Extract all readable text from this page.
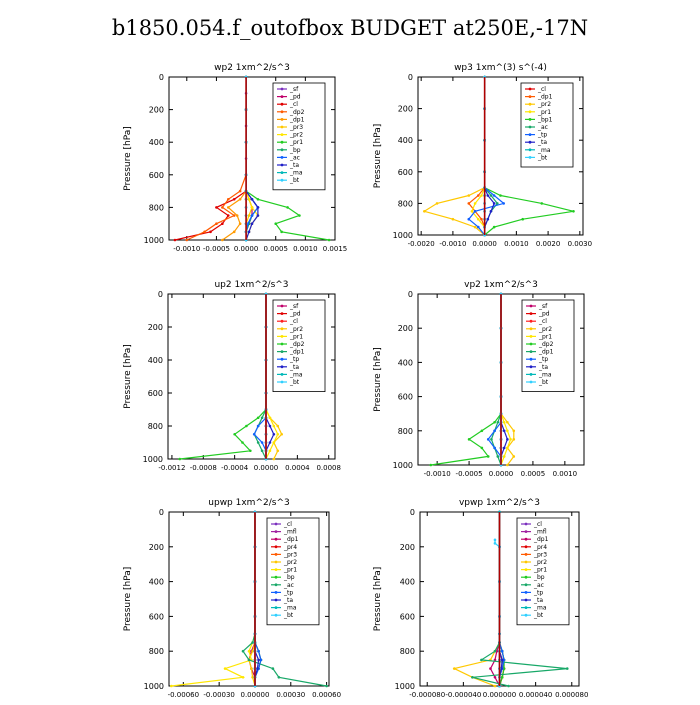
b1850.054.f_outofbox BUDGET at250E,-17N
wp2 1xm^2/s^3
Pressure [hPa]
0
200
400
600
800
1000
-0.0010 -0.0005 0.0000 0.0005 0.0010 0.0015
_sf
_pd
_cl
_dp2
_dp1
_pr3
_pr2
_pr1
_bp
_ac
_ta
_ma
_bt
wp3 1xm^(3) s^(-4)
Pressure [hPa]
0
200
400
600
800
1000
-0.0020 -0.0010 0.0000 0.0010 0.0020 0.0030
_cl
_dp1
_pr2
_pr1
_bp1
_ac
_tp
_ta
_ma
_bt
up2 1xm^2/s^3
Pressure [hPa]
0
200
400
600
800
1000
-0.0012 -0.0008 -0.0004 0.0000 0.0004 0.0008
_sf
_pd
_cl
_pr2
_pr1
_dp2
_dp1
_tp
_ta
_ma
_bt
vp2 1xm^2/s^3
Pressure [hPa]
0
200
400
600
800
1000
-0.0010 -0.0005 0.0000 0.0005 0.0010
_sf
_pd
_cl
_pr2
_pr1
_dp2
_dp1
_tp
_ta
_ma
_bt
upwp 1xm^2/s^3
Pressure [hPa]
0
200
400
600
800
1000
-0.00060 -0.00030 0.00000 0.00030 0.00060
_cl
_mfl
_dp1
_pr4
_pr3
_pr2
_pr1
_bp
_ac
_tp
_ta
_ma
_bt
vpwp 1xm^2/s^3
Pressure [hPa]
0
200
400
600
800
1000
-0.000080 -0.000040 0.000000 0.000040 0.000080
_cl
_mfl
_dp1
_pr4
_pr3
_pr2
_pr1
_bp
_ac
_tp
_ta
_ma
_bt
